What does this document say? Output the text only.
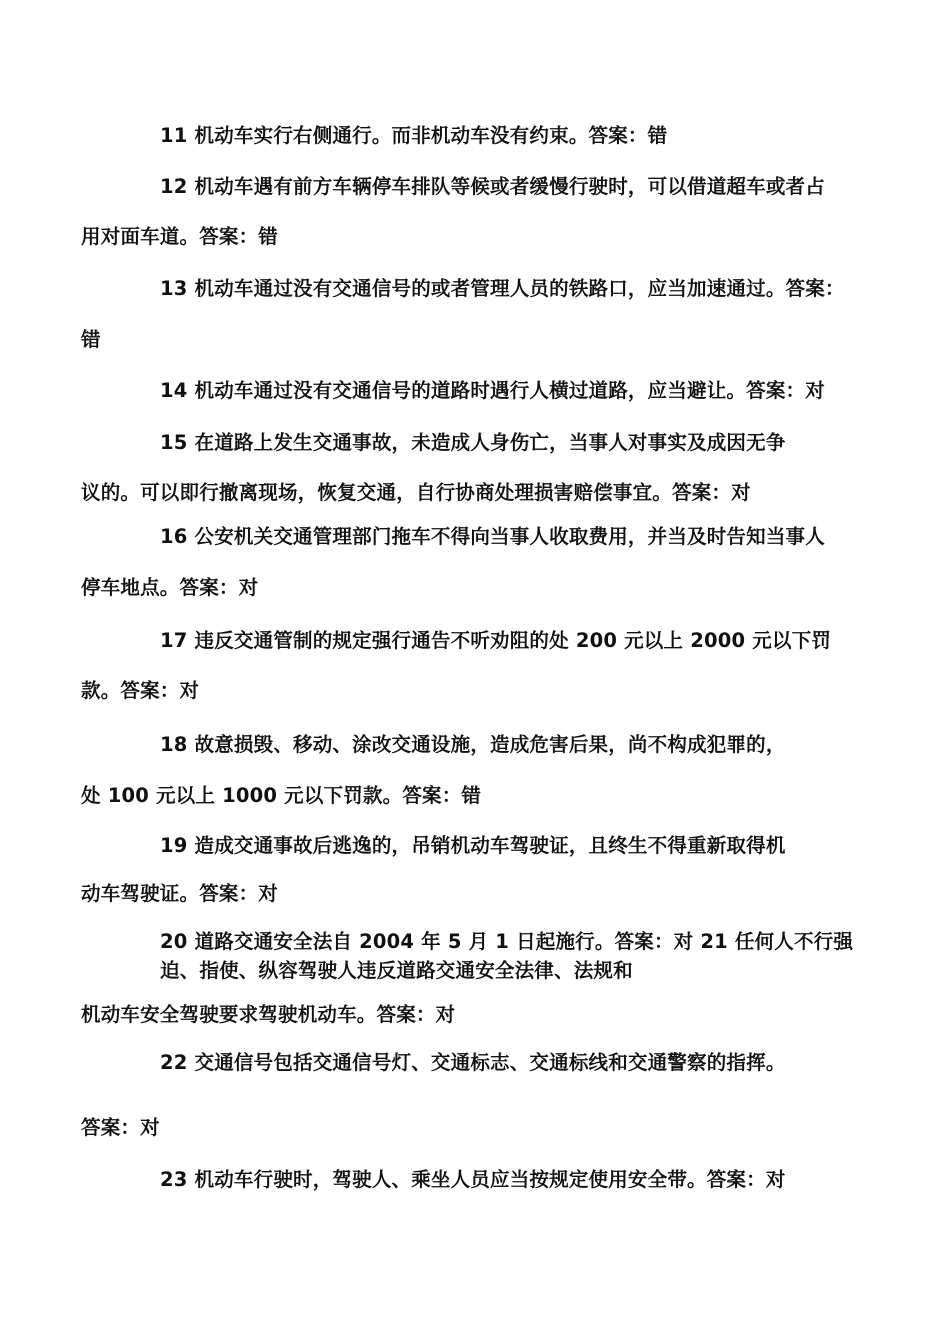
11 机动车实行右侧通行。而非机动车没有约束。答案：错
12 机动车遇有前方车辆停车排队等候或者缓慢行驶时，可以借道超车或者占
用对面车道。答案：错
13 机动车通过没有交通信号的或者管理人员的铁路口，应当加速通过。答案：
错
14 机动车通过没有交通信号的道路时遇行人横过道路，应当避让。答案：对
15 在道路上发生交通事故，未造成人身伤亡，当事人对事实及成因无争
议的。可以即行撤离现场，恢复交通，自行协商处理损害赔偿事宜。答案：对
16 公安机关交通管理部门拖车不得向当事人收取费用，并当及时告知当事人
停车地点。答案：对
17 违反交通管制的规定强行通告不听劝阻的处 200 元以上 2000 元以下罚
款。答案：对
18 故意损毁、移动、涂改交通设施，造成危害后果，尚不构成犯罪的，
处 100 元以上 1000 元以下罚款。答案：错
19 造成交通事故后逃逸的，吊销机动车驾驶证，且终生不得重新取得机
动车驾驶证。答案：对
20 道路交通安全法自 2004 年 5 月 1 日起施行。答案：对 21 任何人不行强
迫、指使、纵容驾驶人违反道路交通安全法律、法规和
机动车安全驾驶要求驾驶机动车。答案：对
22 交通信号包括交通信号灯、交通标志、交通标线和交通警察的指挥。
答案：对
23 机动车行驶时，驾驶人、乘坐人员应当按规定使用安全带。答案：对
